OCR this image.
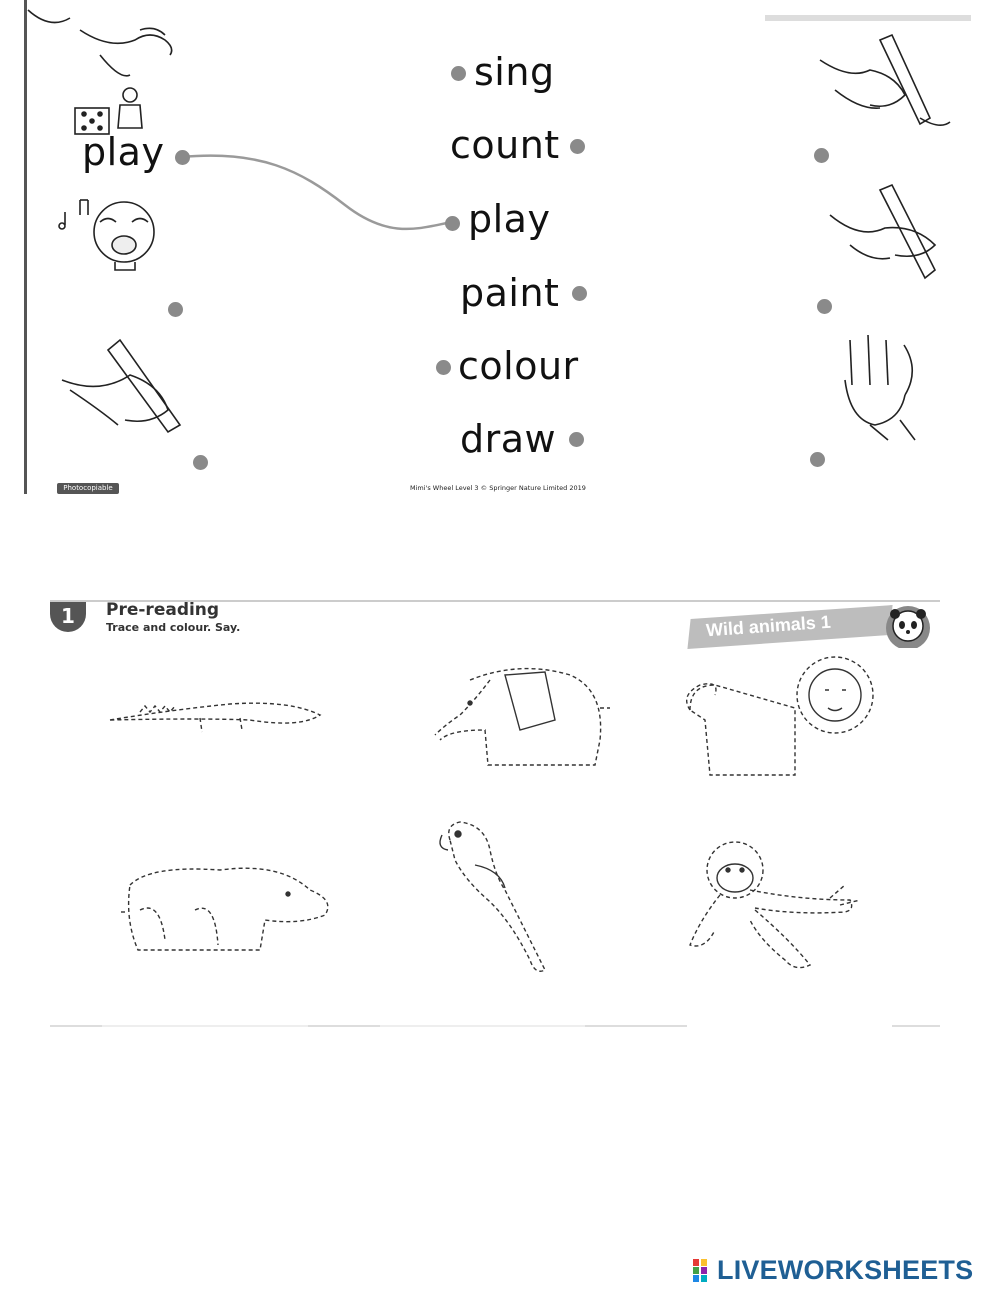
play
sing
count
play
paint
colour
draw
Photocopiable	Mimi's Wheel Level 3 © Springer Nature Limited 2019
1	Pre-reading
Trace and colour. Say.	Wild animals 1
LIVEWORKSHEETS
